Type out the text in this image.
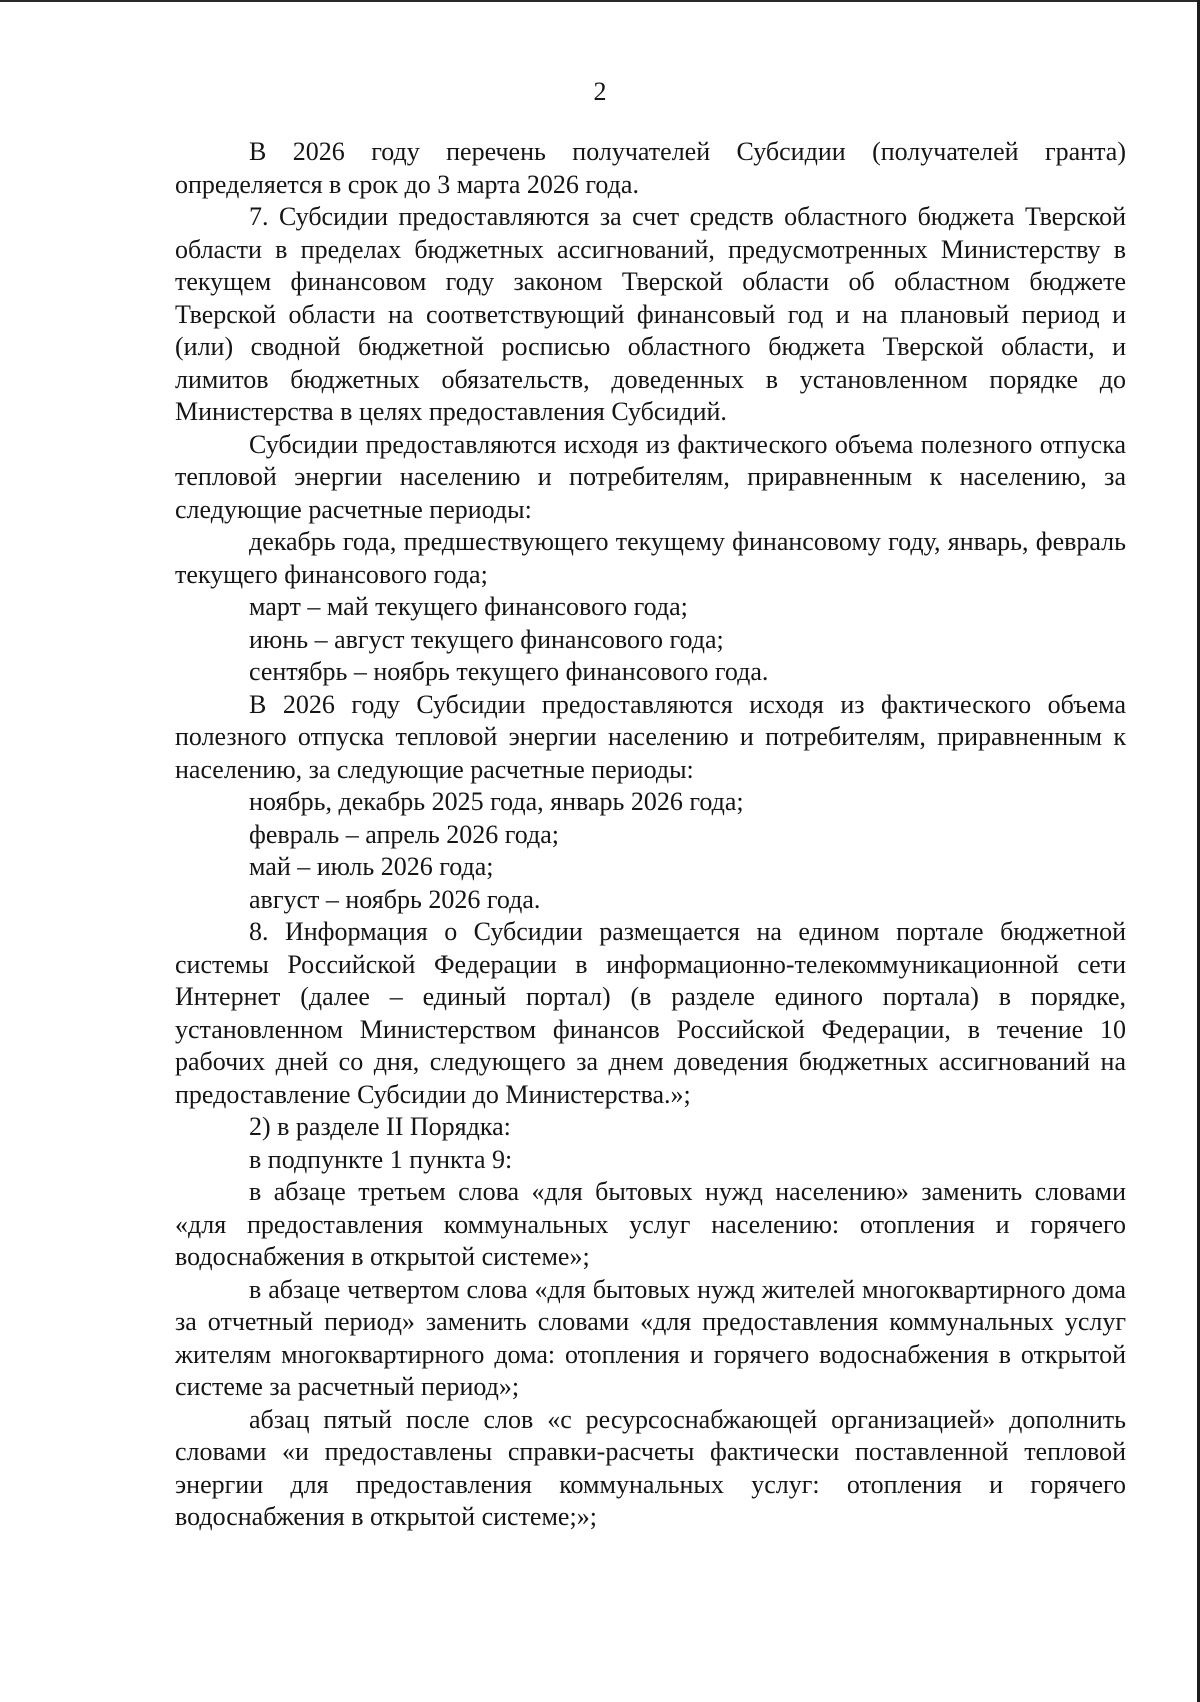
2

В 2026 году перечень получателей Субсидии (получателей гранта) определяется в срок до 3 марта 2026 года.

7. Субсидии предоставляются за счет средств областного бюджета Тверской области в пределах бюджетных ассигнований, предусмотренных Министерству в текущем финансовом году законом Тверской области об областном бюджете Тверской области на соответствующий финансовый год и на плановый период и (или) сводной бюджетной росписью областного бюджета Тверской области, и лимитов бюджетных обязательств, доведенных в установленном порядке до Министерства в целях предоставления Субсидий.

Субсидии предоставляются исходя из фактического объема полезного отпуска тепловой энергии населению и потребителям, приравненным к населению, за следующие расчетные периоды:

декабрь года, предшествующего текущему финансовому году, январь, февраль текущего финансового года;

март – май текущего финансового года;

июнь – август текущего финансового года;

сентябрь – ноябрь текущего финансового года.

В 2026 году Субсидии предоставляются исходя из фактического объема полезного отпуска тепловой энергии населению и потребителям, приравненным к населению, за следующие расчетные периоды:

ноябрь, декабрь 2025 года, январь 2026 года;

февраль – апрель 2026 года;

май – июль 2026 года;

август – ноябрь 2026 года.

8. Информация о Субсидии размещается на едином портале бюджетной системы Российской Федерации в информационно-телекоммуникационной сети Интернет (далее – единый портал) (в разделе единого портала) в порядке, установленном Министерством финансов Российской Федерации, в течение 10 рабочих дней со дня, следующего за днем доведения бюджетных ассигнований на предоставление Субсидии до Министерства.»;

2) в разделе II Порядка:

в подпункте 1 пункта 9:

в абзаце третьем слова «для бытовых нужд населению» заменить словами «для предоставления коммунальных услуг населению: отопления и горячего водоснабжения в открытой системе»;

в абзаце четвертом слова «для бытовых нужд жителей многоквартирного дома за отчетный период» заменить словами «для предоставления коммунальных услуг жителям многоквартирного дома: отопления и горячего водоснабжения в открытой системе за расчетный период»;

абзац пятый после слов «с ресурсоснабжающей организацией» дополнить словами «и предоставлены справки-расчеты фактически поставленной тепловой энергии для предоставления коммунальных услуг: отопления и горячего водоснабжения в открытой системе;»;
